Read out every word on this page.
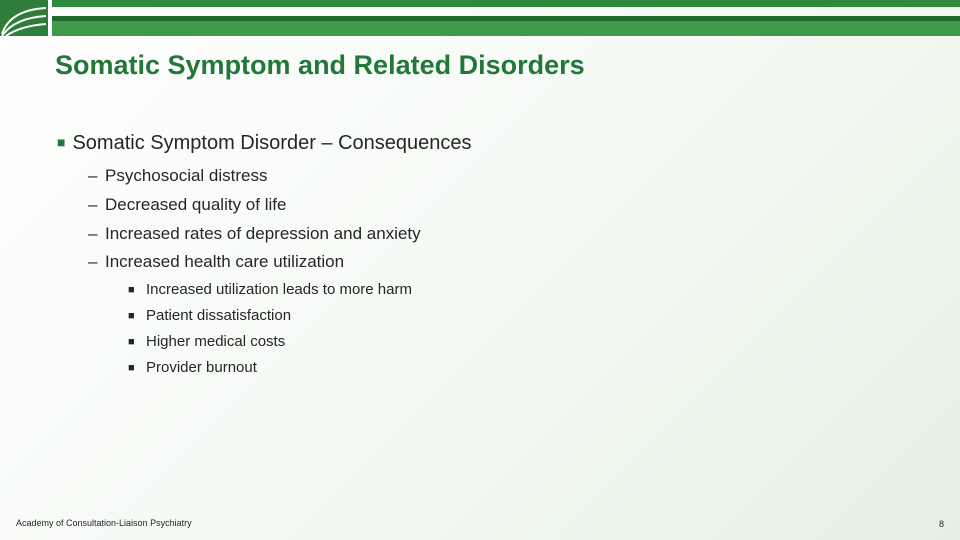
Somatic Symptom and Related Disorders
■ Somatic Symptom Disorder – Consequences
– Psychosocial distress
– Decreased quality of life
– Increased rates of depression and anxiety
– Increased health care utilization
■ Increased utilization leads to more harm
■ Patient dissatisfaction
■ Higher medical costs
■ Provider burnout
Academy of Consultation-Liaison Psychiatry	8
